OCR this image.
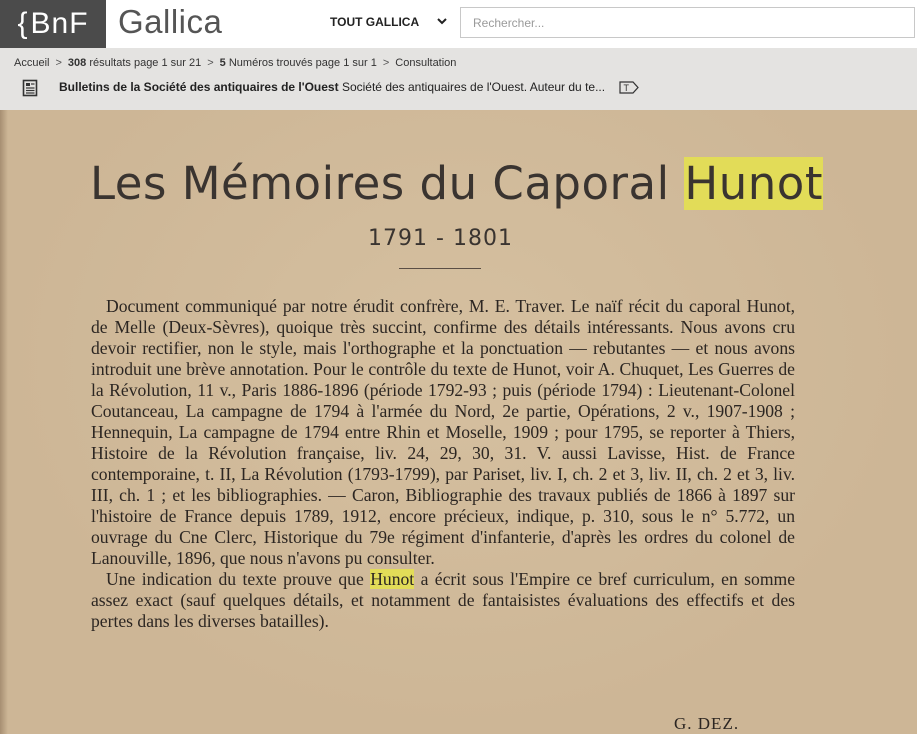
{ BnF Gallica	TOUT GALLICA
Rechercher...
Accueil > 308 résultats page 1 sur 21 > 5 Numéros trouvés page 1 sur 1 > Consultation
Bulletins de la Société des antiquaires de l'Ouest Société des antiquaires de l'Ouest. Auteur du te... T
Les Mémoires du Caporal Hunot
1791 - 1801

Document communiqué par notre érudit confrère, M. E. Traver. Le naïf récit du caporal Hunot, de Melle (Deux-Sèvres), quoique très succint, confirme des détails intéressants. Nous avons cru devoir rectifier, non le style, mais l'orthographe et la ponctuation — rebutantes — et nous avons introduit une brève annotation. Pour le contrôle du texte de Hunot, voir A. Chuquet, Les Guerres de la Révolution, 11 v., Paris 1886-1896 (période 1792-93 ; puis (période 1794) : Lieutenant-Colonel Coutanceau, La campagne de 1794 à l'armée du Nord, 2e partie, Opérations, 2 v., 1907-1908 ; Hennequin, La campagne de 1794 entre Rhin et Moselle, 1909 ; pour 1795, se reporter à Thiers, Histoire de la Révolution française, liv. 24, 29, 30, 31. V. aussi Lavisse, Hist. de France contemporaine, t. II, La Révolution (1793-1799), par Pariset, liv. I, ch. 2 et 3, liv. II, ch. 2 et 3, liv. III, ch. 1 ; et les bibliographies. — Caron, Bibliographie des travaux publiés de 1866 à 1897 sur l'histoire de France depuis 1789, 1912, encore précieux, indique, p. 310, sous le n° 5.772, un ouvrage du Cne Clerc, Historique du 79e régiment d'infanterie, d'après les ordres du colonel de Lanouville, 1896, que nous n'avons pu consulter.

Une indication du texte prouve que Hunot a écrit sous l'Empire ce bref curriculum, en somme assez exact (sauf quelques détails, et notamment de fantaisistes évaluations des effectifs et des pertes dans les diverses batailles).

G. DEZ.
